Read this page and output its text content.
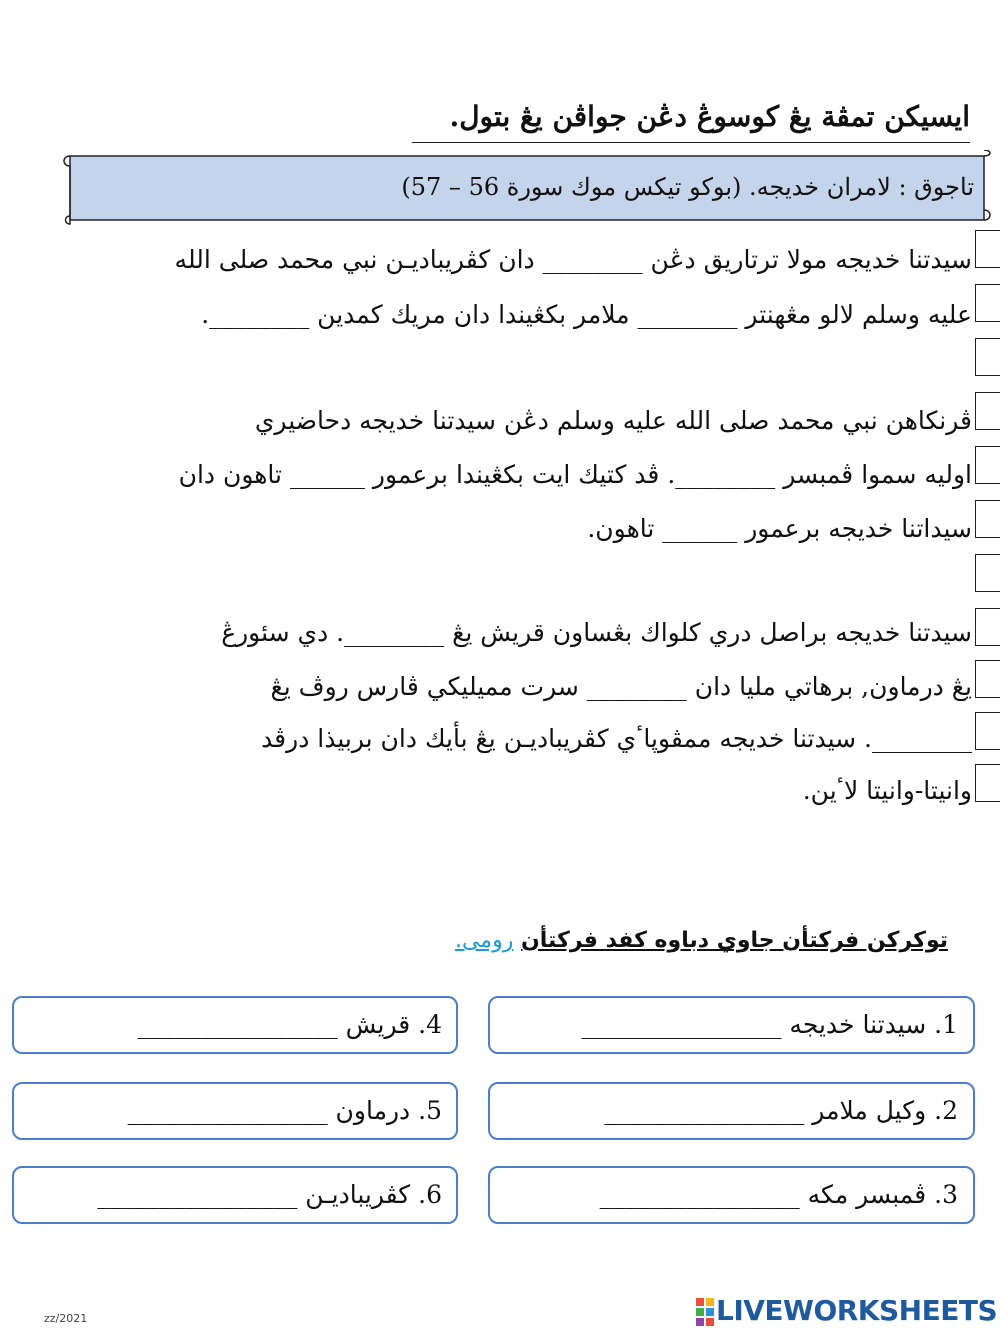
ايسيكن تمڤة يڠ کوسوڠ دڠن جواڤن يڠ بتول.
تاجوق : لامران خديجه. (بوکو تيکس موك سورة 56 – 57)
سيدتنا خديجه مولا ترتاريق دڠن ________ دان کڤريباديـن نبي محمد صلى الله
عليه وسلم لالو مڠهنتر ________ ملامر بکڠيندا دان مريك کمدين ________.
ڤرنکاهن نبي محمد صلى الله عليه وسلم دڠن سيدتنا خديجه دحاضيري
اوليه سموا ڤمبسر ________. ڤد کتيك ايت بکڠيندا برعمور ______ تاهون دان
سيداتنا خديجه برعمور ______ تاهون.
سيدتنا خديجه براصل دري کلواك بڠساون قريش يڠ ________. دي سئورڠ
يڠ درماون, برهاتي مليا دان ________ سرت مميليکي ڤارس روڤ يڠ
________. سيدتنا خديجه ممڤوڽاٴي کڤريباديـن يڠ بأيك دان بربيذا درڤد
وانيتا-وانيتا لاٴين.
توکرکن فرکتأن جاوي دباوه کفد فرکتأن رومى.
1. سيدتنا خديجه ________________
2. وکيل ملامر ________________
3. ڤمبسر مکه ________________
4. قريش ________________
5. درماون ________________
6. کڤريباديـن ________________
zz/2021	LIVEWORKSHEETS
